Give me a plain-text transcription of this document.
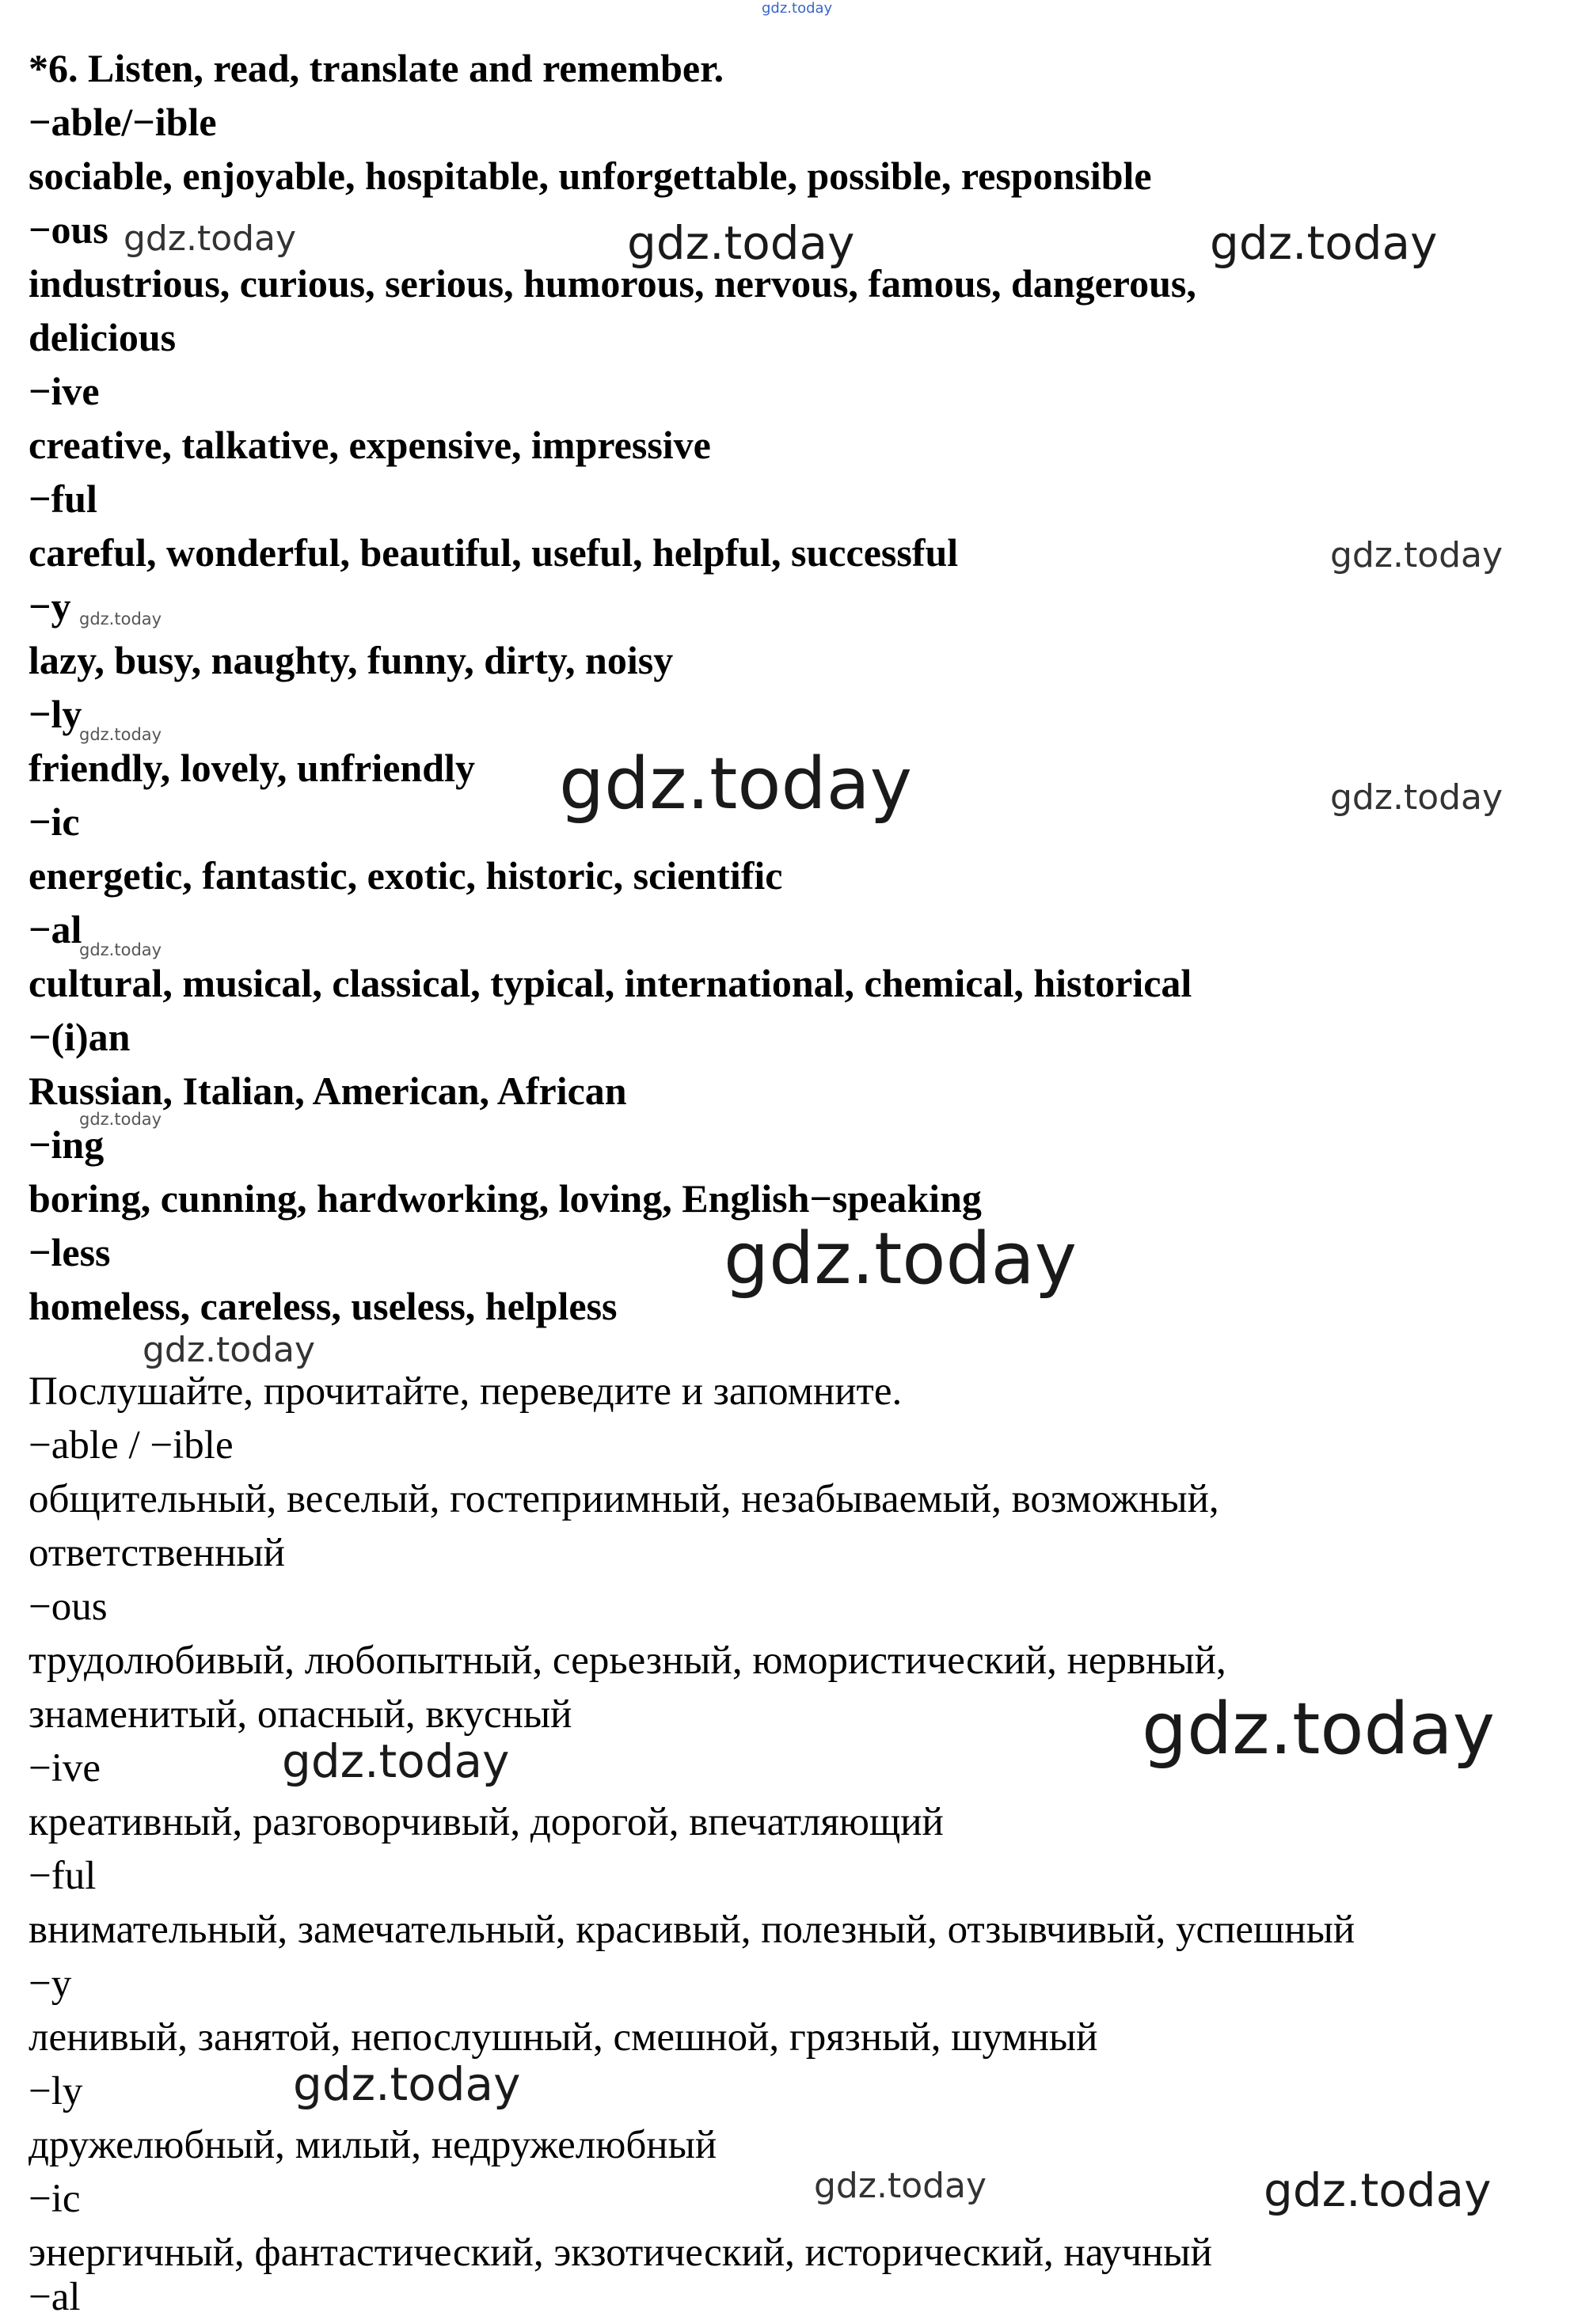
*6. Listen, read, translate and remember.
−able/−ible
sociable, enjoyable, hospitable, unforgettable, possible, responsible
−ous
industrious, curious, serious, humorous, nervous, famous, dangerous,
delicious
−ive
creative, talkative, expensive, impressive
−ful
careful, wonderful, beautiful, useful, helpful, successful
−y
lazy, busy, naughty, funny, dirty, noisy
−ly
friendly, lovely, unfriendly
−ic
energetic, fantastic, exotic, historic, scientific
−al
cultural, musical, classical, typical, international, chemical, historical
−(i)an
Russian, Italian, American, African
−ing
boring, cunning, hardworking, loving, English−speaking
−less
homeless, careless, useless, helpless
Послушайте, прочитайте, переведите и запомните.
−able / −ible
общительный, веселый, гостеприимный, незабываемый, возможный,
ответственный
−ous
трудолюбивый, любопытный, серьезный, юмористический, нервный,
знаменитый, опасный, вкусный
−ive
креативный, разговорчивый, дорогой, впечатляющий
−ful
внимательный, замечательный, красивый, полезный, отзывчивый, успешный
−y
ленивый, занятой, непослушный, смешной, грязный, шумный
−ly
дружелюбный, милый, недружелюбный
−ic
энергичный, фантастический, экзотический, исторический, научный
−al
gdz.today
gdz.today	gdz.today	gdz.today
gdz.today
gdz.today
gdz.today
gdz.today	gdz.today
gdz.today
gdz.today
gdz.today
gdz.today
gdz.today
gdz.today
gdz.today
gdz.today	gdz.today
